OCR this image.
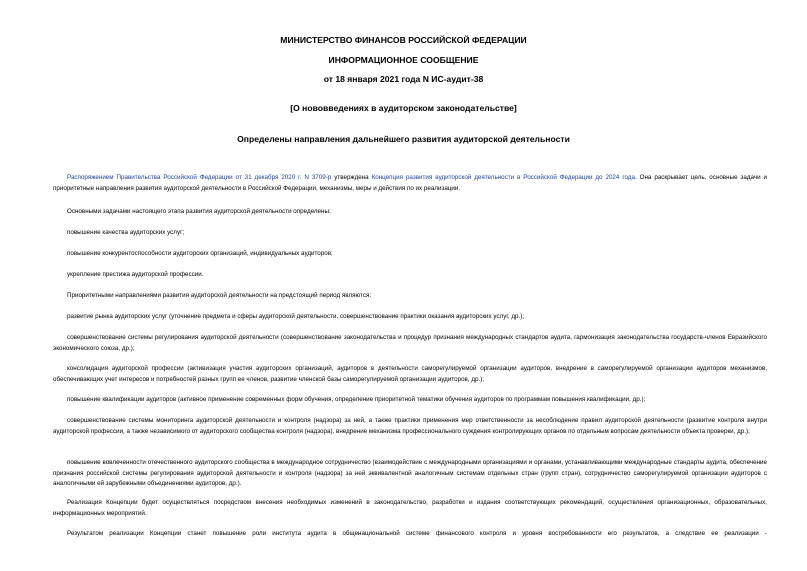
МИНИСТЕРСТВО ФИНАНСОВ РОССИЙСКОЙ ФЕДЕРАЦИИ
ИНФОРМАЦИОННОЕ СООБЩЕНИЕ
от 18 января 2021 года N ИС-аудит-38
[О нововведениях в аудиторском законодательстве]
Определены направления дальнейшего развития аудиторской деятельности

Распоряжением Правительства Российской Федерации от 31 декабря 2020 г. N 3709-р утверждена Концепция развития аудиторской деятельности в Российской Федерации до 2024 года. Она раскрывает цель, основные задачи и приоритетные направления развития аудиторской деятельности в Российской Федерации, механизмы, меры и действия по их реализации.

Основными задачами настоящего этапа развития аудиторской деятельности определены:

повышение качества аудиторских услуг;

повышение конкурентоспособности аудиторских организаций, индивидуальных аудиторов;

укрепление престижа аудиторской профессии.

Приоритетными направлениями развития аудиторской деятельности на предстоящий период являются:

развитие рынка аудиторских услуг (уточнение предмета и сферы аудиторской деятельности, совершенствование практики оказания аудиторских услуг, др.);

совершенствование системы регулирования аудиторской деятельности (совершенствование законодательства и процедур признания международных стандартов аудита, гармонизация законодательства государств-членов Евразийского экономического союза, др.);

консолидация аудиторской профессии (активизация участия аудиторских организаций, аудиторов в деятельности саморегулируемой организации аудиторов, внедрение в саморегулируемой организации аудиторов механизмов, обеспечивающих учет интересов и потребностей разных групп ее членов, развитие членской базы саморегулируемой организации аудиторов, др.);

повышение квалификации аудиторов (активное применение современных форм обучения, определение приоритетной тематики обучения аудиторов по программам повышения квалификации, др.);

совершенствование системы мониторинга аудиторской деятельности и контроля (надзора) за ней, а также практики применения мер ответственности за несоблюдение правил аудиторской деятельности (развитие контроля внутри аудиторской профессии, а также независимого от аудиторского сообщества контроля (надзора), внедрение механизма профессионального суждения контролирующих органов по отдельным вопросам деятельности объекта проверки, др.);

повышение вовлеченности отечественного аудиторского сообщества в международное сотрудничество (взаимодействие с международными организациями и органами, устанавливающими международные стандарты аудита, обеспечение признания российской системы регулирования аудиторской деятельности и контроля (надзора) за ней эквивалентной аналогичным системам отдельных стран (групп стран), сотрудничество саморегулируемой организации аудиторов с аналогичными ей зарубежными объединениями аудиторов, др.).

Реализация Концепции будет осуществляться посредством внесения необходимых изменений в законодательство, разработки и издания соответствующих рекомендаций, осуществления организационных, образовательных, информационных мероприятий.

Результатом реализации Концепции станет повышение роли института аудита в общенациональной системе финансового контроля и уровня востребованности его результатов, а следствие ее реализации -
